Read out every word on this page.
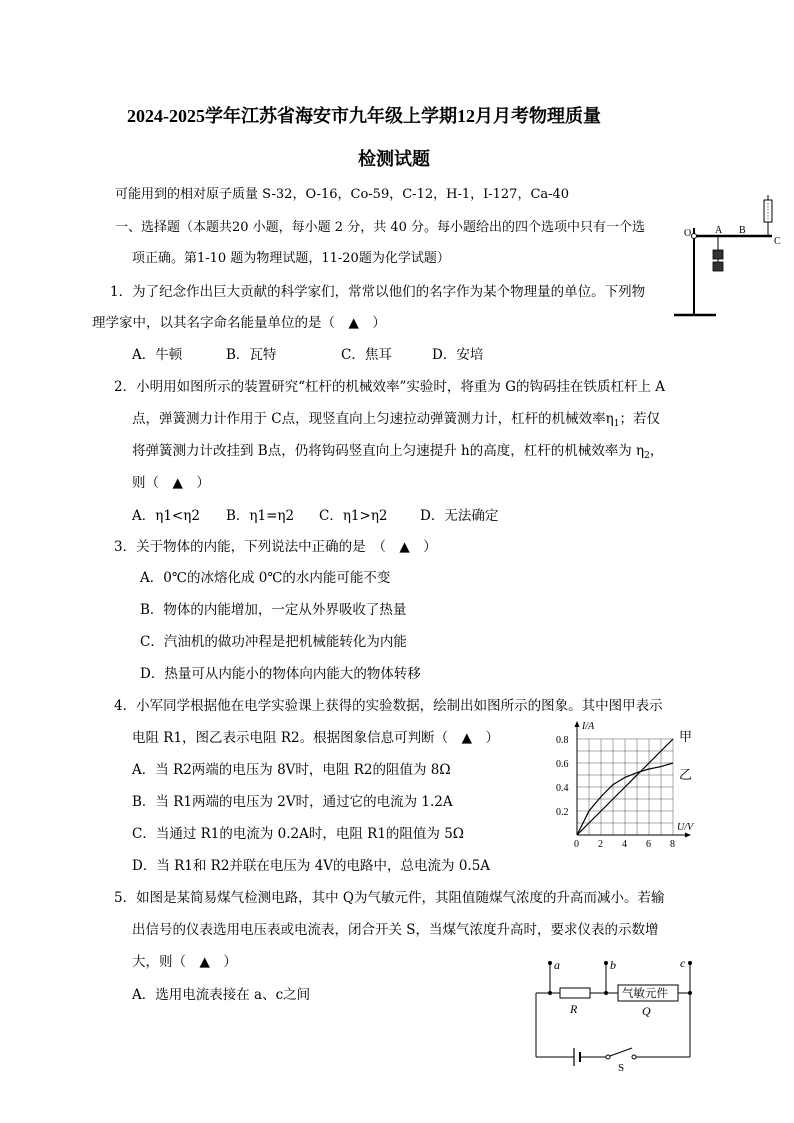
2024-2025学年江苏省海安市九年级上学期12月月考物理质量
检测试题
可能用到的相对原子质量 S-32，O-16，Co-59，C-12，H-1，I-127，Ca-40
一、选择题（本题共20 小题，每小题 2 分，共 40 分。每小题给出的四个选项中只有一个选
项正确。第1-10 题为物理试题，11-20题为化学试题）
1．为了纪念作出巨大贡献的科学家们，常常以他们的名字作为某个物理量的单位。下列物
理学家中，以其名字命名能量单位的是（　▲　）
A．牛顿	B．瓦特	C．焦耳	D．安培
2．小明用如图所示的装置研究“杠杆的机械效率”实验时，将重为 G的钩码挂在铁质杠杆上 A
点，弹簧测力计作用于 C点，现竖直向上匀速拉动弹簧测力计，杠杆的机械效率$\eta_1$；若仅
将弹簧测力计改挂到 B点，仍将钩码竖直向上匀速提升 h的高度，杠杆的机械效率为 $\eta_2$，
则（　▲　）
A．η1<η2 B．η1=η2 C．η1>η2 D．无法确定
3．关于物体的内能，下列说法中正确的是　（　▲　）
A．0℃的冰熔化成 0℃的水内能可能不变
B．物体的内能增加，一定从外界吸收了热量
C．汽油机的做功冲程是把机械能转化为内能
D．热量可从内能小的物体向内能大的物体转移
4．小军同学根据他在电学实验课上获得的实验数据，绘制出如图所示的图象。其中图甲表示
电阻 R1，图乙表示电阻 R2。根据图象信息可判断（　▲　）
A．当 R2两端的电压为 8V时，电阻 R2的阻值为 8Ω
B．当 R1两端的电压为 2V时，通过它的电流为 1.2A
C．当通过 R1的电流为 0.2A时，电阻 R1的阻值为 5Ω
D．当 R1和 R2并联在电压为 4V的电路中，总电流为 0.5A
5．如图是某简易煤气检测电路，其中 Q为气敏元件，其阻值随煤气浓度的升高而减小。若输
出信号的仪表选用电压表或电流表，闭合开关 S，当煤气浓度升高时，要求仪表的示数增
大，则（　▲　）
A．选用电流表接在 a、c之间
O A B
C
0 2 4 6 8
0.2
0.4
0.6
0.8
I/A
U/V
甲
乙
气敏元件
a	b	c
R	Q
S
